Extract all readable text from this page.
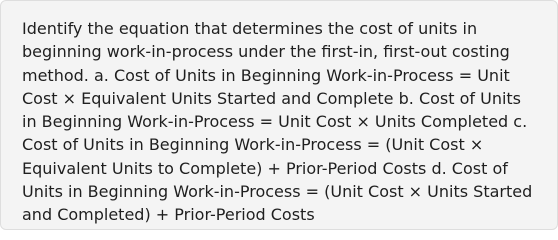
Identify the equation that determines the cost of units in beginning work-in-process under the first-in, first-out costing method. a. Cost of Units in Beginning Work-in-Process = Unit Cost × Equivalent Units Started and Complete b. Cost of Units in Beginning Work-in-Process = Unit Cost × Units Completed c. Cost of Units in Beginning Work-in-Process = (Unit Cost × Equivalent Units to Complete) + Prior-Period Costs d. Cost of Units in Beginning Work-in-Process = (Unit Cost × Units Started and Completed) + Prior-Period Costs
